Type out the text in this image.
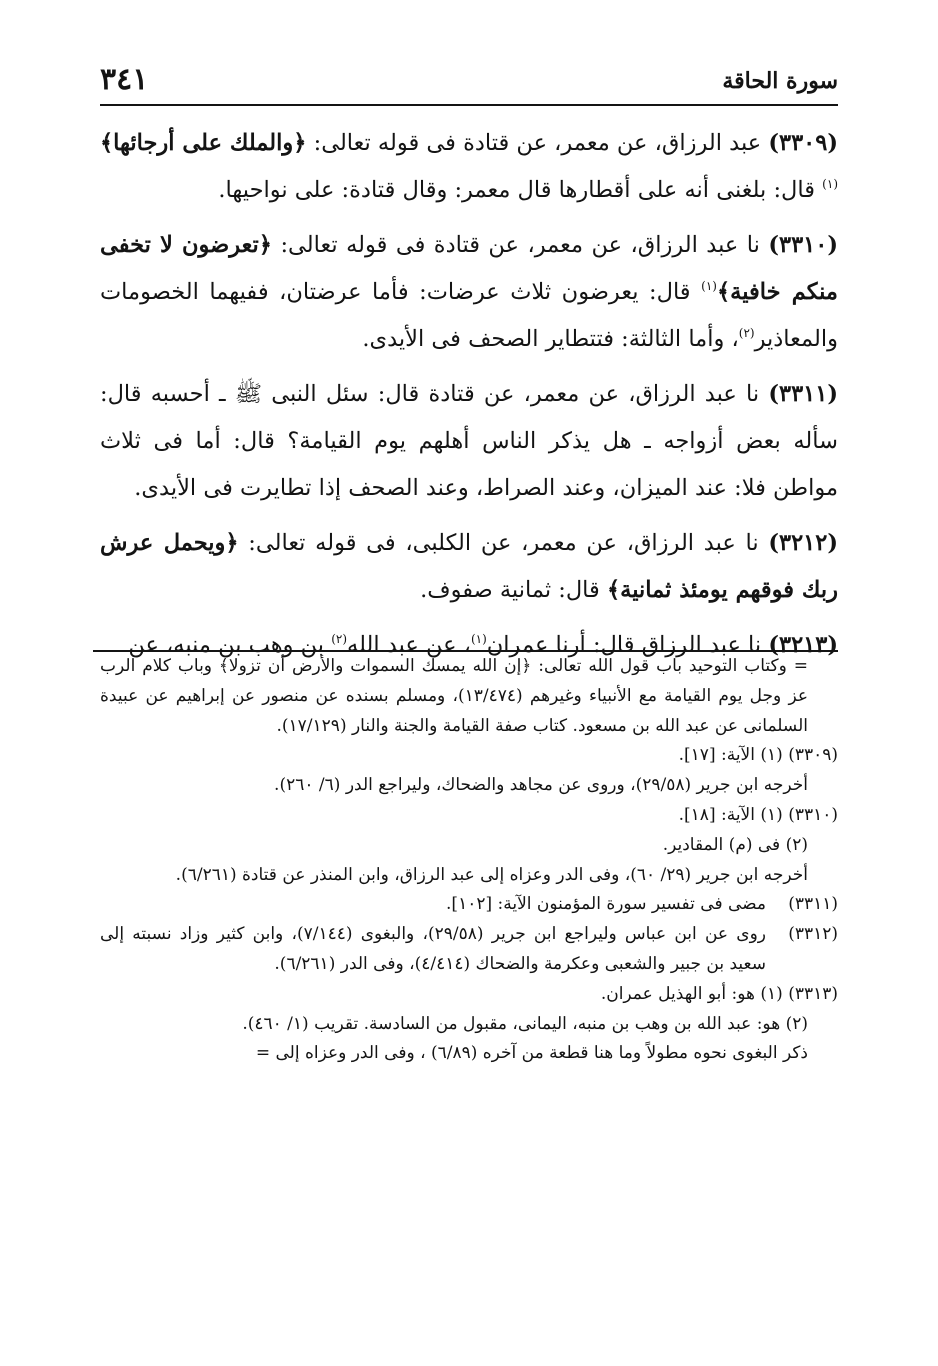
سورة الحاقة
٣٤١

(٣٣٠٩) عبد الرزاق، عن معمر، عن قتادة فى قوله تعالى: ﴿والملك على أرجائها﴾$^{(١)}$ قال: بلغنى أنه على أقطارها قال معمر: وقال قتادة: على نواحيها.

(٣٣١٠) نا عبد الرزاق، عن معمر، عن قتادة فى قوله تعالى: ﴿تعرضون لا تخفى منكم خافية﴾$^{(١)}$ قال: يعرضون ثلاث عرضات: فأما عرضتان، ففيهما الخصومات والمعاذير$^{(٢)}$، وأما الثالثة: فتتطاير الصحف فى الأيدى.

(٣٣١١) نا عبد الرزاق، عن معمر، عن قتادة قال: سئل النبى ﷺ ـ أحسبه قال: سأله بعض أزواجه ـ هل يذكر الناس أهلهم يوم القيامة؟ قال: أما فى ثلاث مواطن فلا: عند الميزان، وعند الصراط، وعند الصحف إذا تطايرت فى الأيدى.

(٣٢١٢) نا عبد الرزاق، عن معمر، عن الكلبى، فى قوله تعالى: ﴿ويحمل عرش ربك فوقهم يومئذ ثمانية﴾ قال: ثمانية صفوف.

(٣٢١٣) نا عبد الرزاق قال: أرنا عمران$^{(١)}$، عن عبد الله$^{(٢)}$ بن وهب بن منبه، عن

= وكتاب التوحيد باب قول الله تعالى: ﴿إن الله يمسك السموات والأرض أن تزولا﴾ وباب كلام الرب عز وجل يوم القيامة مع الأنبياء وغيرهم (١٣/٤٧٤)، ومسلم بسنده عن منصور عن إبراهيم عن عبيدة السلمانى عن عبد الله بن مسعود. كتاب صفة القيامة والجنة والنار (١٧/١٢٩).

(٣٣٠٩) (١) الآية: [١٧].

أخرجه ابن جرير (٢٩/٥٨)، وروى عن مجاهد والضحاك، وليراجع الدر (٦/ ٢٦٠).

(٣٣١٠) (١) الآية: [١٨].

(٢) فى (م) المقادير.

أخرجه ابن جرير (٢٩/ ٦٠)، وفى الدر وعزاه إلى عبد الرزاق، وابن المنذر عن قتادة (٦/٢٦١).

(٣٣١١)
مضى فى تفسير سورة المؤمنون الآية: [١٠٢].
(٣٣١٢)
روى عن ابن عباس وليراجع ابن جرير (٢٩/٥٨)، والبغوى (٧/١٤٤)، وابن كثير وزاد نسبته إلى سعيد بن جبير والشعبى وعكرمة والضحاك (٤/٤١٤)، وفى الدر (٦/٢٦١).

(٣٣١٣) (١) هو: أبو الهذيل عمران.

(٢) هو: عبد الله بن وهب بن منبه، اليمانى، مقبول من السادسة. تقريب (١/ ٤٦٠).

ذكر البغوى نحوه مطولاً وما هنا قطعة من آخره (٦/٨٩) ، وفى الدر وعزاه إلى =
